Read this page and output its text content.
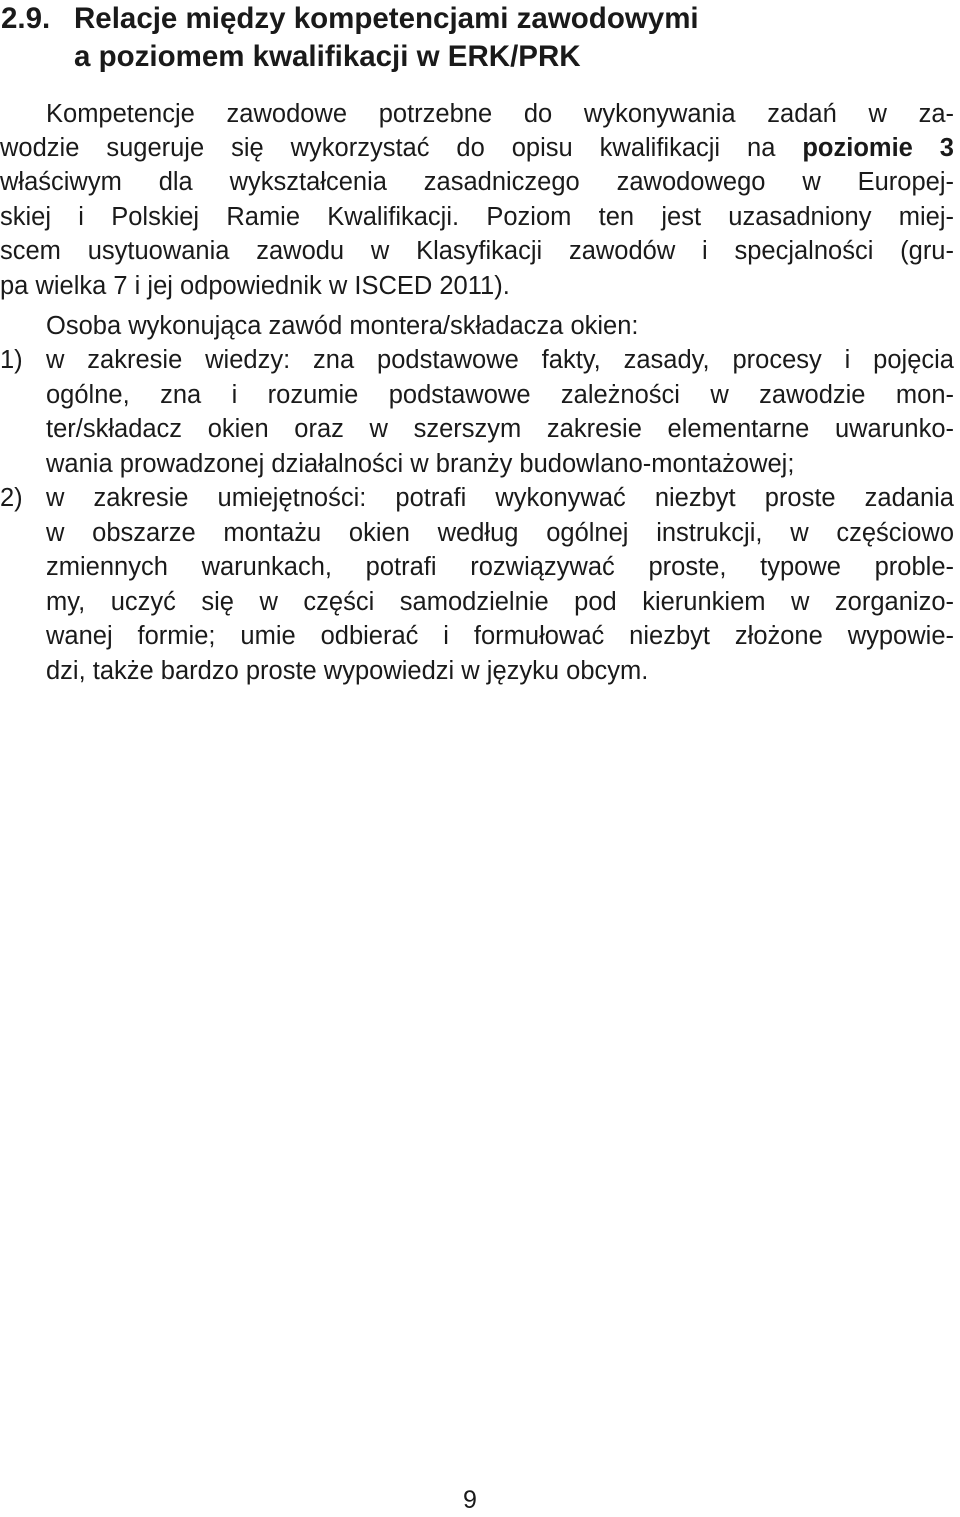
2.9. Relacje między kompetencjami zawodowymi
a poziomem kwalifikacji w ERK/PRK
Kompetencje zawodowe potrzebne do wykonywania zadań w za-
wodzie sugeruje się wykorzystać do opisu kwalifikacji na poziomie 3
właściwym dla wykształcenia zasadniczego zawodowego w Europej-
skiej i Polskiej Ramie Kwalifikacji. Poziom ten jest uzasadniony miej-
scem usytuowania zawodu w Klasyfikacji zawodów i specjalności (gru-
pa wielka 7 i jej odpowiednik w ISCED 2011).
Osoba wykonująca zawód montera/składacza okien:
1) w zakresie wiedzy: zna podstawowe fakty, zasady, procesy i pojęcia
ogólne, zna i rozumie podstawowe zależności w zawodzie mon-
ter/składacz okien oraz w szerszym zakresie elementarne uwarunko-
wania prowadzonej działalności w branży budowlano-montażowej;
2) w zakresie umiejętności: potrafi wykonywać niezbyt proste zadania
w obszarze montażu okien według ogólnej instrukcji, w częściowo
zmiennych warunkach, potrafi rozwiązywać proste, typowe proble-
my, uczyć się w części samodzielnie pod kierunkiem w zorganizo-
wanej formie; umie odbierać i formułować niezbyt złożone wypowie-
dzi, także bardzo proste wypowiedzi w języku obcym.
9
